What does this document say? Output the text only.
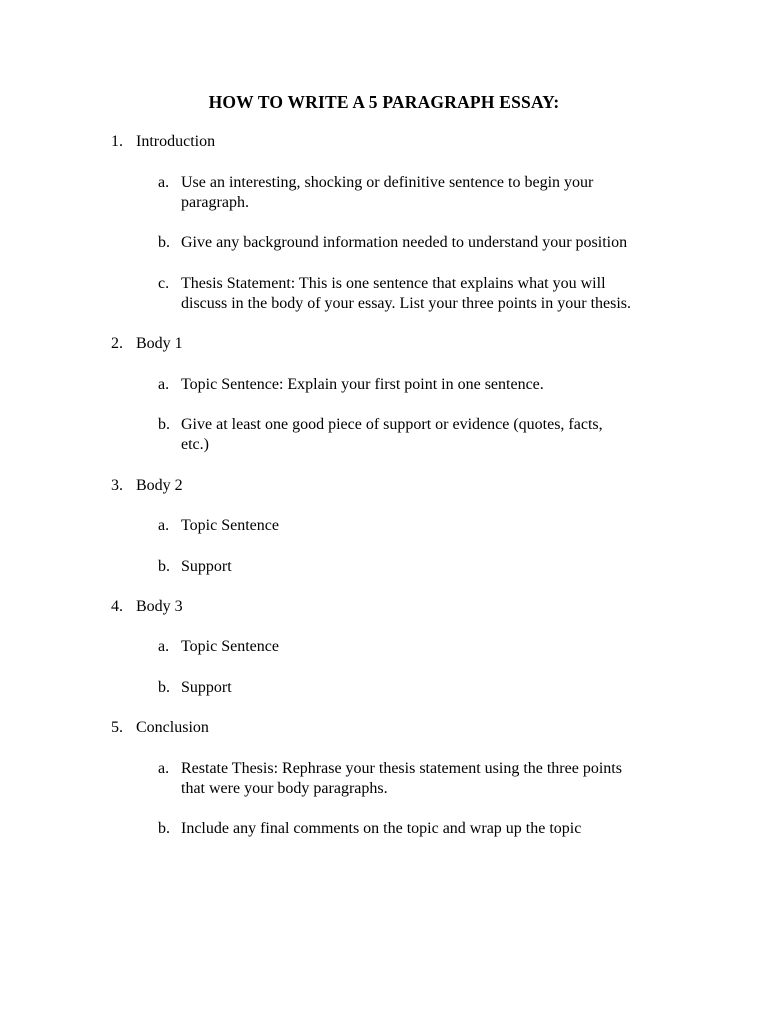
HOW TO WRITE A 5 PARAGRAPH ESSAY:
1. Introduction
a. Use an interesting, shocking or definitive sentence to begin your
paragraph.
b. Give any background information needed to understand your position
c. Thesis Statement: This is one sentence that explains what you will
discuss in the body of your essay. List your three points in your thesis.
2. Body 1
a. Topic Sentence: Explain your first point in one sentence.
b. Give at least one good piece of support or evidence (quotes, facts,
etc.)
3. Body 2
a. Topic Sentence
b. Support
4. Body 3
a. Topic Sentence
b. Support
5. Conclusion
a. Restate Thesis: Rephrase your thesis statement using the three points
that were your body paragraphs.
b. Include any final comments on the topic and wrap up the topic
